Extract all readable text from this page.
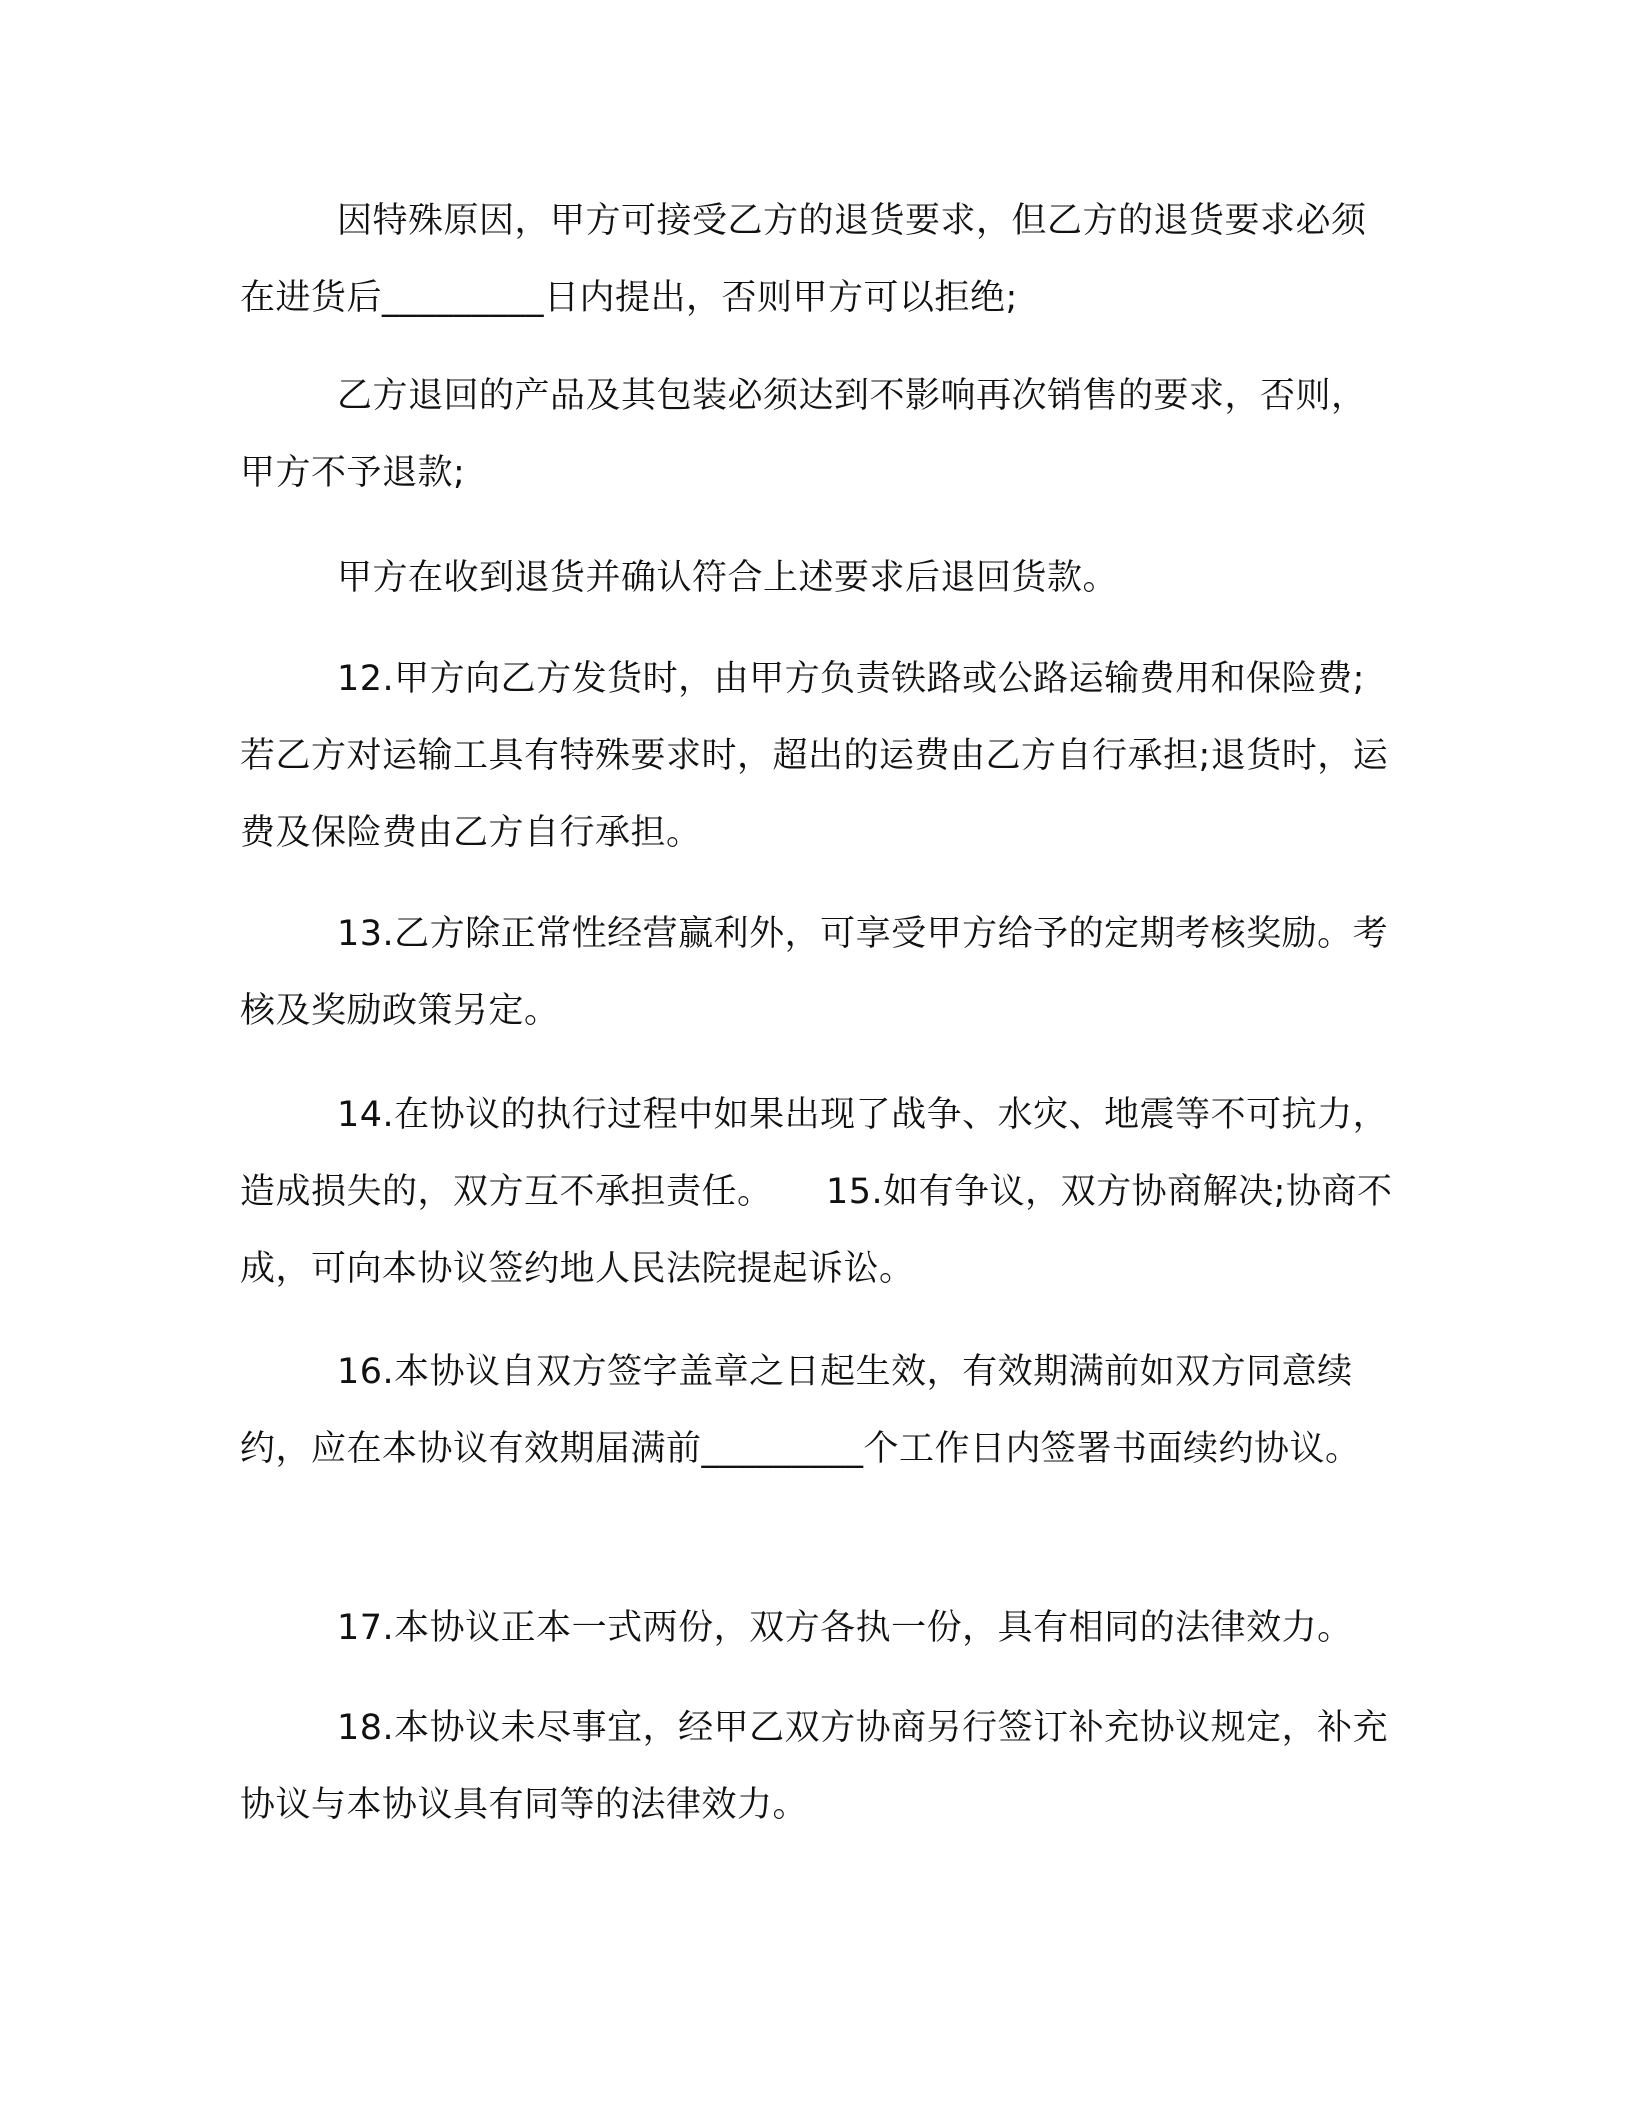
因特殊原因，甲方可接受乙方的退货要求，但乙方的退货要求必须在进货后_________日内提出，否则甲方可以拒绝;

乙方退回的产品及其包装必须达到不影响再次销售的要求，否则，甲方不予退款;

甲方在收到退货并确认符合上述要求后退回货款。

12.甲方向乙方发货时，由甲方负责铁路或公路运输费用和保险费;若乙方对运输工具有特殊要求时，超出的运费由乙方自行承担;退货时，运费及保险费由乙方自行承担。

13.乙方除正常性经营赢利外，可享受甲方给予的定期考核奖励。考核及奖励政策另定。

14.在协议的执行过程中如果出现了战争、水灾、地震等不可抗力，造成损失的，双方互不承担责任。　　15.如有争议，双方协商解决;协商不成，可向本协议签约地人民法院提起诉讼。

16.本协议自双方签字盖章之日起生效，有效期满前如双方同意续约，应在本协议有效期届满前_________个工作日内签署书面续约协议。

17.本协议正本一式两份，双方各执一份，具有相同的法律效力。

18.本协议未尽事宜，经甲乙双方协商另行签订补充协议规定，补充协议与本协议具有同等的法律效力。
